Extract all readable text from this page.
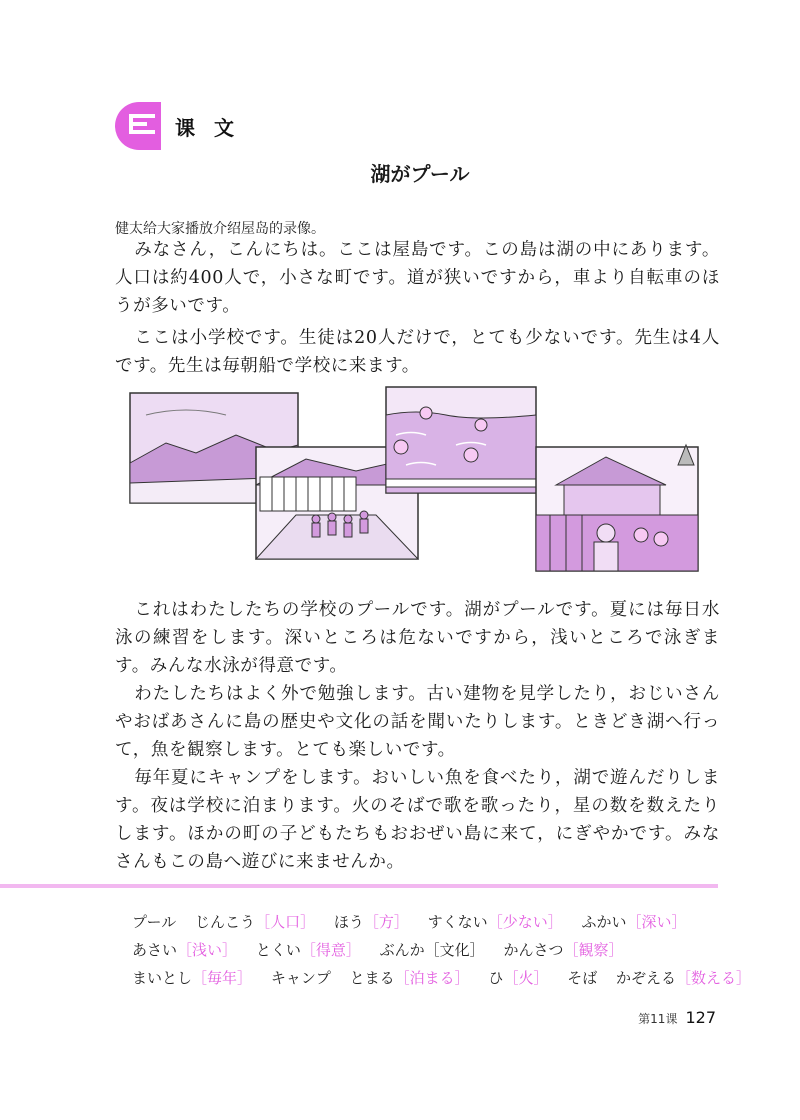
课 文
湖がプール
健太给大家播放介绍屋岛的录像。

みなさん，こんにちは。ここは屋島です。この島は湖の中にあります。人口は約400人で，小さな町です。道が狭いですから，車より自転車のほうが多いです。

ここは小学校です。生徒は20人だけで，とても少ないです。先生は4人です。先生は毎朝船で学校に来ます。

これはわたしたちの学校のプールです。湖がプールです。夏には毎日水泳の練習をします。深いところは危ないですから，浅いところで泳ぎます。みんな水泳が得意です。

わたしたちはよく外で勉強します。古い建物を見学したり，おじいさんやおばあさんに島の歴史や文化の話を聞いたりします。ときどき湖へ行って，魚を観察します。とても楽しいです。

毎年夏にキャンプをします。おいしい魚を食べたり，湖で遊んだりします。夜は学校に泊まります。火のそばで歌を歌ったり，星の数を数えたりします。ほかの町の子どもたちもおおぜい島に来て，にぎやかです。みなさんもこの島へ遊びに来ませんか。

プール じんこう［人口］ ほう［方］ すくない［少ない］ ふかい［深い］
あさい［浅い］ とくい［得意］ ぶんか［文化］ かんさつ［観察］
まいとし［毎年］ キャンプ とまる［泊まる］ ひ［火］ そば かぞえる［数える］
第11课 127
